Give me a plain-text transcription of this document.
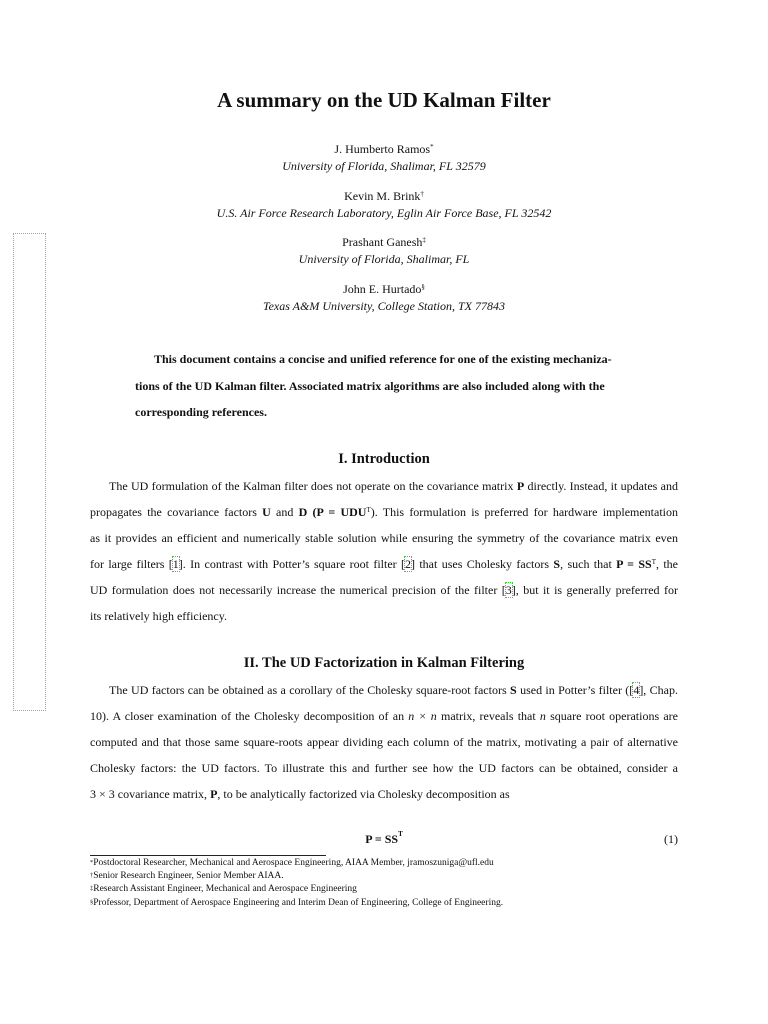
A summary on the UD Kalman Filter
J. Humberto Ramos*
University of Florida, Shalimar, FL 32579
Kevin M. Brink†
U.S. Air Force Research Laboratory, Eglin Air Force Base, FL 32542
Prashant Ganesh‡
University of Florida, Shalimar, FL
John E. Hurtado§
Texas A&M University, College Station, TX 77843
This document contains a concise and unified reference for one of the existing mechaniza-
tions of the UD Kalman filter. Associated matrix algorithms are also included along with the
corresponding references.
I. Introduction
The UD formulation of the Kalman filter does not operate on the covariance matrix P directly. Instead, it updates and
propagates the covariance factors U and D $(P = UDU^T)$. This formulation is preferred for hardware implementation
as it provides an efficient and numerically stable solution while ensuring the symmetry of the covariance matrix even
for large filters [1]. In contrast with Potter’s square root filter [2] that uses Cholesky factors S, such that $P = SS^T$, the
UD formulation does not necessarily increase the numerical precision of the filter [3], but it is generally preferred for
its relatively high efficiency.
II. The UD Factorization in Kalman Filtering
The UD factors can be obtained as a corollary of the Cholesky square-root factors S used in Potter’s filter ([4], Chap.
10). A closer examination of the Cholesky decomposition of an n × n matrix, reveals that n square root operations are
computed and that those same square-roots appear dividing each column of the matrix, motivating a pair of alternative
Cholesky factors: the UD factors. To illustrate this and further see how the UD factors can be obtained, consider a
3 × 3 covariance matrix, P, to be analytically factorized via Cholesky decomposition as
$P = SS^T$	(1)
*Postdoctoral Researcher, Mechanical and Aerospace Engineering, AIAA Member, jramoszuniga@ufl.edu
†Senior Research Engineer, Senior Member AIAA.
‡Research Assistant Engineer, Mechanical and Aerospace Engineering
§Professor, Department of Aerospace Engineering and Interim Dean of Engineering, College of Engineering.
